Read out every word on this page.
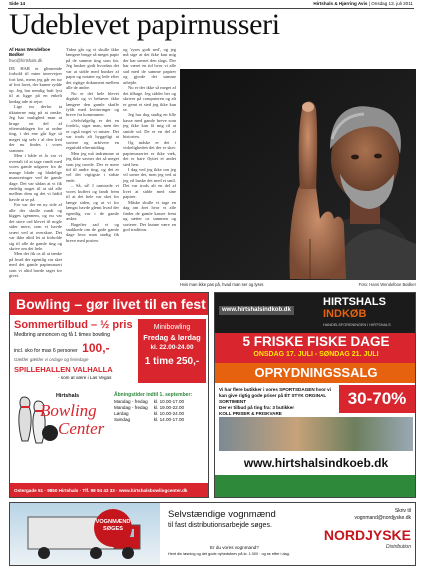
Side 14	Hirtshals & Hjørring Avis | Onsdag 13. juli 2011
Udeblevet papirnusseri
Af Hans Wendelboe Bødker
hwo@hirtshals.dk

DE HAR et glimrende forhold til mine tørrevejrer fort løst, mens jeg går en tur af fort lavet, der kunne rydde op. Jeg har nemlig haft lyst til at ligge på en enkelt lørdag ude at rejse.

Lige nu derfor ta tiktaterne mig på at ønske. Jeg har mulighed man at bruge en del af eftermiddagen for at ordne ting, i det ene går lige så meget sig selv i al den fred der nu findes i vores sommer.

Men i både et år var vi overtalt til at tage rundt med vores gamle udgaver fra de mange blade og bladelige nuanceringer ved de gamle dage. Det var sådan at vi fik endelig noget til at stå alle mellem dem og det vi hidtil havde at se på.

Før var der en ny side af alle der skulle rundt og kigges igennem, og nu var det store ord blevet til nogle sider mere, som vi havde svært ved at overskue. Det var ikke altid let at forholde sig til alle de gamle ting og skrive om det hele.

Men det fik os til at tænke på hvad der egentlig var sket med det gamle papirnusseri som vi altid havde taget for givet.

Tiden går og vi skulle ikke længere bruge så meget papir på de samme ting som før. Jeg husker godt hvordan det var at sidde med bunker af papir og notater og lede efter det rigtige dokument mellem alle de andre.

Nu er det hele blevet digitalt og vi behøver ikke længere den gamle skuffe fyldt med kvitteringer og breve fra kommunen.

»Selvfølgelig er det en fordel«, siger man, men der er også noget vi mister. Det var trods alt hyggeligt at sortere og arkivere en regnfuld eftermiddag.

Men jeg må indrømme at jeg ikke savner det så meget som jeg troede. Der er mere tid til andre ting, og det er vel det vigtigste i sidste ende.

– Så, så! I ramtsede vi vores kuffert og fandt frem til at det hele var sket for længe siden, og at vi for længst havde glemt hvad der egentlig var i de gamle æsker.

Bagefter sad vi og snakkede om de gode gamle dage hvor man stadig fik breve med posten.

og 'ryses godt ned', og jeg må sige at det ikke kun mig der har savnet den slags. Der har været en tid hvor vi alle sad med de samme papirer og gjorde det samme arbejde.

Nu er der ikke så meget af det tilbage. Jeg sidder her og skriver på computeren og alt er gemt et sted jeg ikke kan se.

Jeg har dog stadig en lille kasse med gamle breve som jeg ikke kan få mig til at smide ud. De er en del af historien.

Og måske er det i virkeligheden det der er sket: papirnusseriet er ikke væk, det er bare flyttet et andet sted hen.

I dag ved jeg ikke om jeg vil savne det, men jeg ved at jeg vil huske det med et smil. Det var trods alt en del af livet at sidde med sine papirer.

Måske skulle vi tage en dag om året hvor vi alle finder de gamle kasser frem og sætter os sammen og sorterer. Det kunne være en god tradition.

Hvis man ikke pas på, hvad man ser og lyser.	Foto: Hans Wendelboe Bødker
Bowling – gør livet til en fest
Sommertilbud – ½ pris
Medbring annoncen og få 1 times bowling
incl. sko for max 6 personer 100,-
Gælder gælder vi ordage og feriedage
SPILLEHALLEN VALHALLA
- som at være i Las Vegas
Minibowling
Fredag & lørdag
kl. 22.00-24.00
1 time 250,-
Hirtshals
Bowling
Center
Åbningstider indtil 1. september:
Mandag - fredag	kl. 10.00-17.00
Mandag - fredag	kl. 19.00-22.00
Lørdag	kl. 10.00-24.00
Søndag	kl. 14.00-17.00
Ostergade 51 · 9850 Hirtshals · Tlf. 98 94 43 33 · www.hirtshalsbowlingcenter.dk
www.hirtshalsindkob.dk
HIRTSHALS
INDKØB
HANDELSFORENINGEN I HIRTSHALS
5 FRISKE FISKE DAGE
ONSDAG 17. JULI - SØNDAG 21. JULI
OPRYDNINGSSALG
Vi har flere butikker i vores SPORTSDAGEN hvor vi kan give rigtig gode priser på ÉT STYK ORGINAL SORTIMENT
Der er tilbud på ting fra: 3 butikker
KOLL PRISER & FRISKVARE
30-70%
www.hirtshalsindkoeb.dk
VOGNMÆND SØGES
Selvstændige vognmænd
til fast distributionsarbejde søges.
Er du vores vognmand?
Hent din løsning og det gode nyhedsbrev på kr. 1.000 · og se efter i dag.
Skriv til
vognmand@nordjyske.dk
NORDJYSKE
Distribution
